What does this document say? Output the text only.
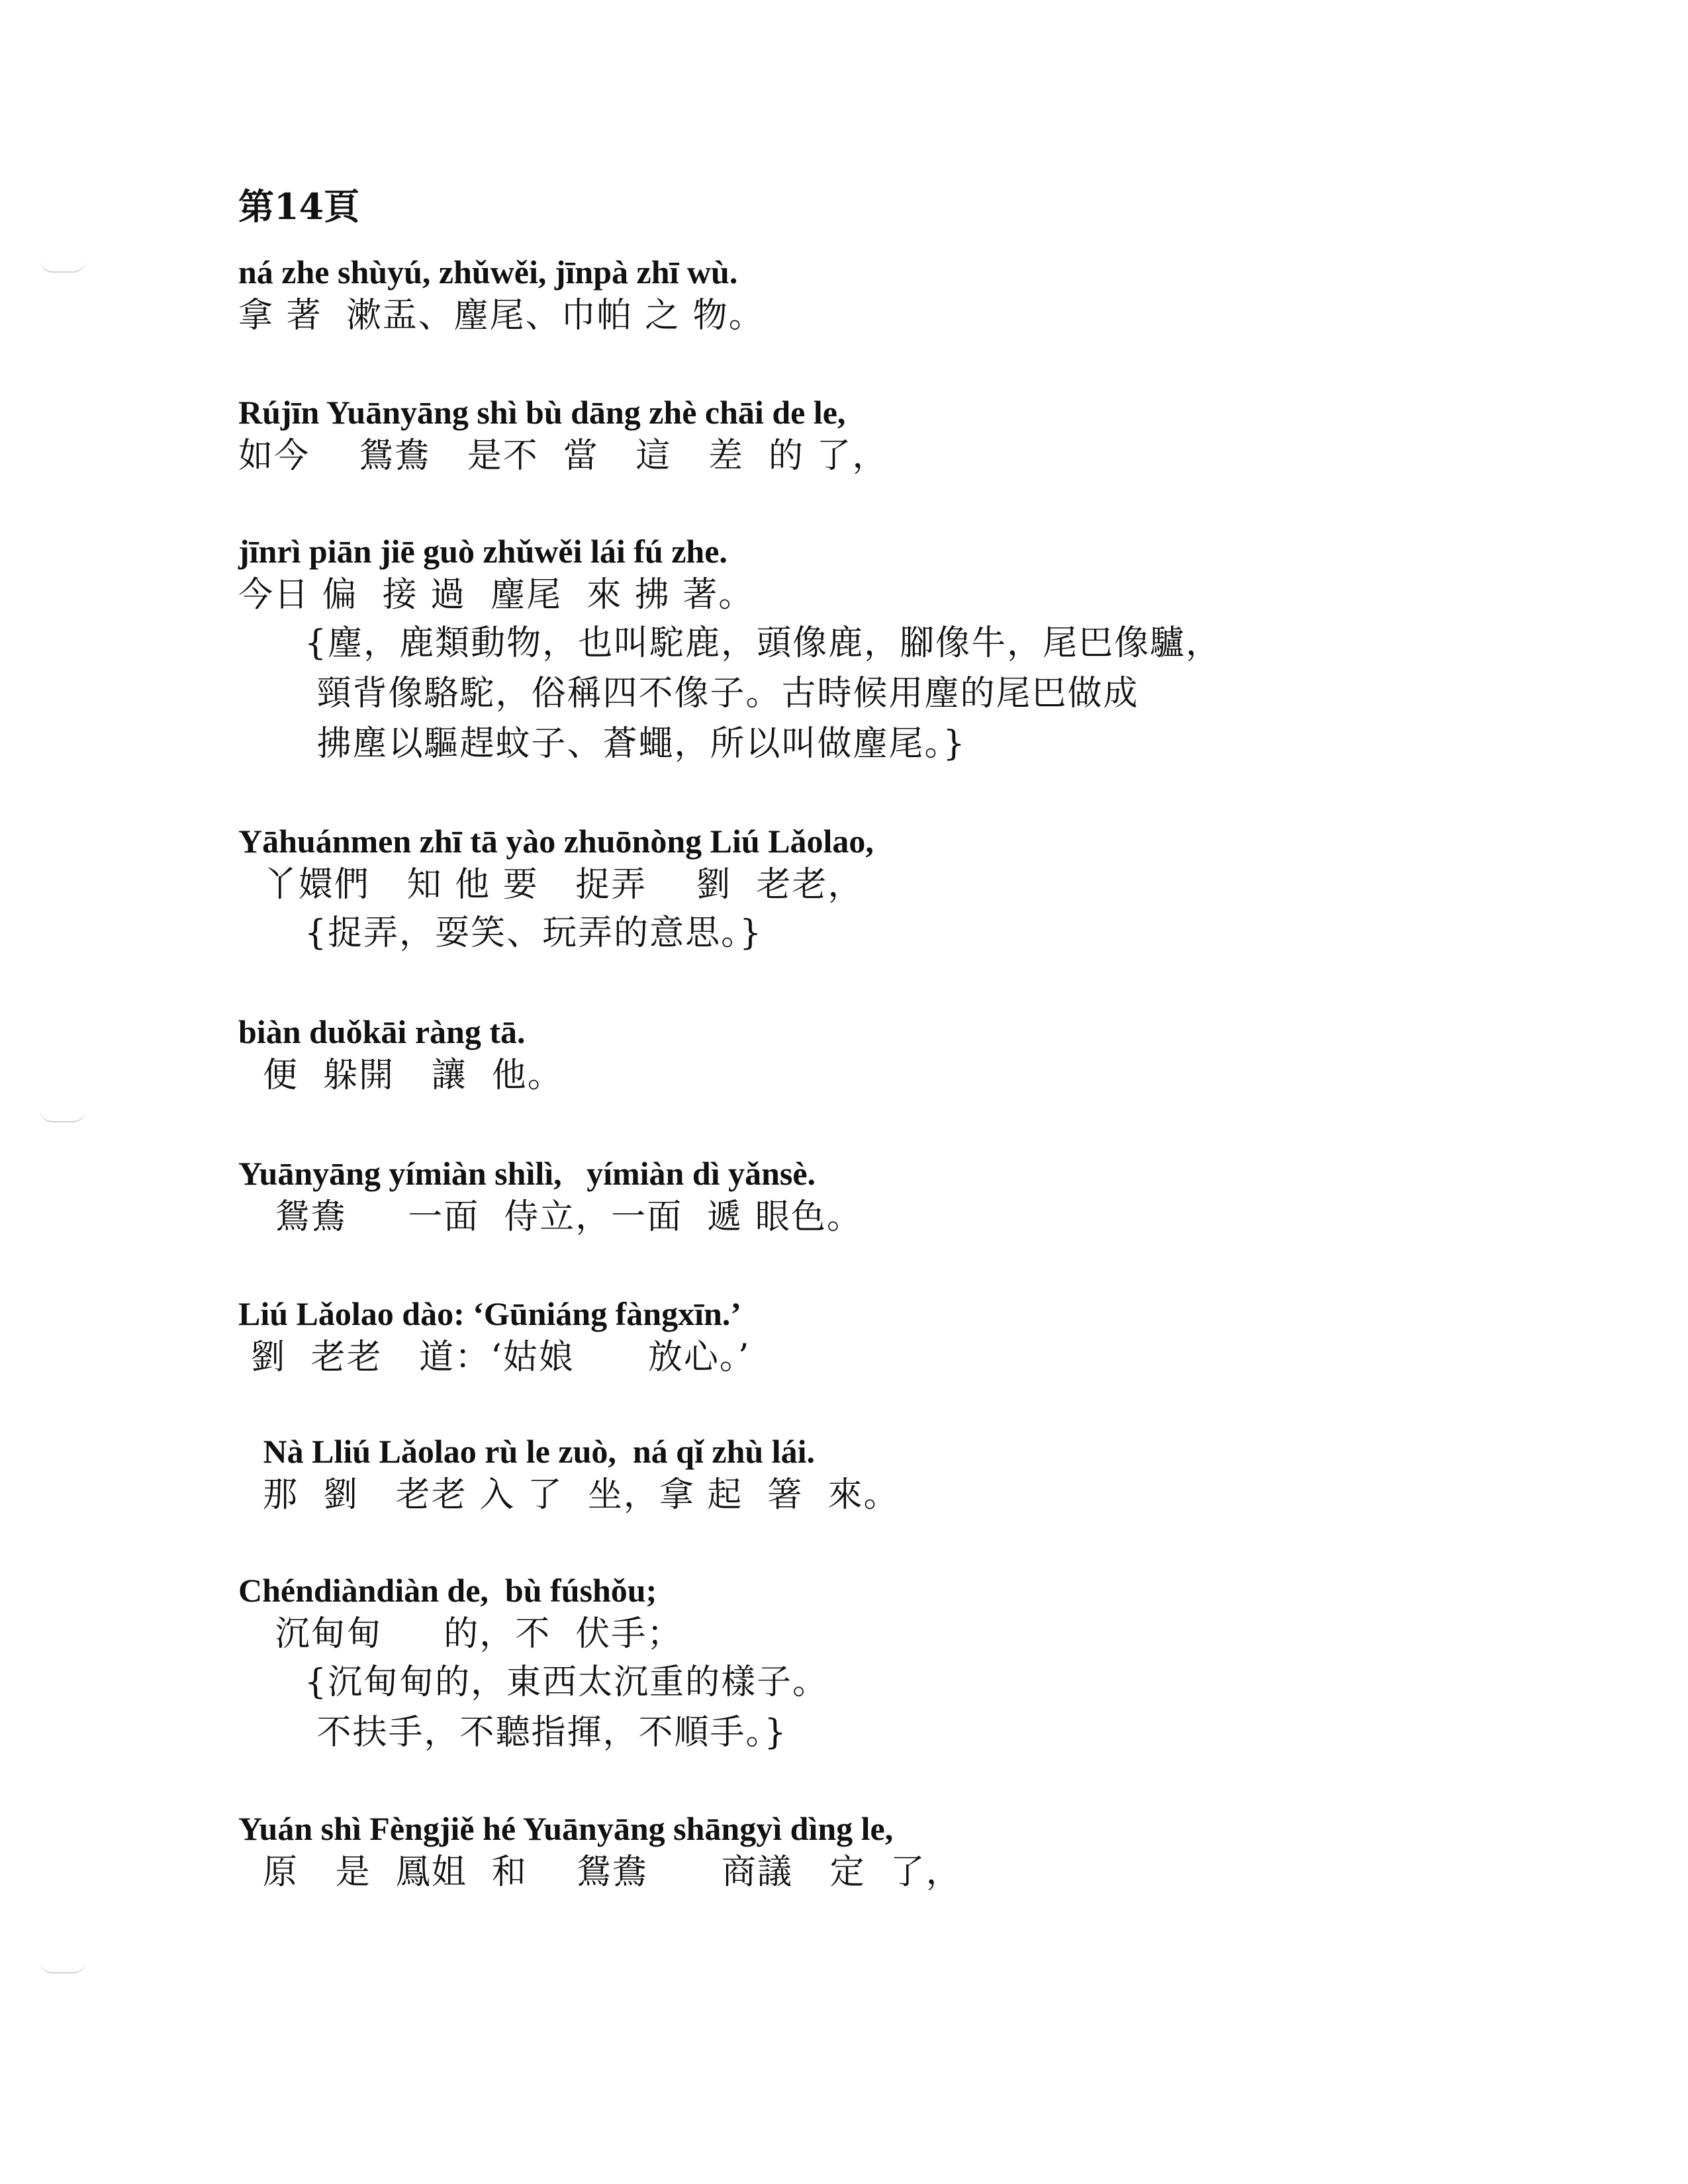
第14頁
ná zhe shùyú, zhǔwěi, jīnpà zhī wù.
拿 著  漱盂、麈尾、巾帕 之 物。
Rújīn Yuānyāng shì bù dāng zhè chāi de le,
如今    鴛鴦   是不  當   這   差  的 了，
jīnrì piān jiē guò zhǔwěi lái fú zhe.
今日 偏  接 過  麈尾  來 拂 著。
{麈，鹿類動物，也叫駝鹿，頭像鹿，腳像牛，尾巴像驢，
頸背像駱駝，俗稱四不像子。古時候用麈的尾巴做成
拂塵以驅趕蚊子、蒼蠅，所以叫做麈尾。}
Yāhuánmen zhī tā yào zhuōnòng Liú Lǎolao,
丫嬛們   知 他 要   捉弄    劉  老老，
{捉弄，耍笑、玩弄的意思。}
biàn duǒkāi ràng tā.
便  躲開   讓  他。
Yuānyāng yímiàn shìlì,   yímiàn dì yǎnsè.
鴛鴦     一面  侍立，一面  遞 眼色。
Liú Lǎolao dào: ‘Gūniáng fàngxīn.’
劉  老老   道：‘姑娘      放心。’
Nà Lliú Lǎolao rù le zuò,  ná qǐ zhù lái.
那  劉   老老 入 了  坐，拿 起  箸  來。
Chéndiàndiàn de,  bù fúshǒu;
沉甸甸     的，不  伏手；
{沉甸甸的，東西太沉重的樣子。
不扶手，不聽指揮，不順手。}
Yuán shì Fèngjiě hé Yuānyāng shāngyì dìng le,
原   是  鳳姐  和    鴛鴦      商議   定  了，
